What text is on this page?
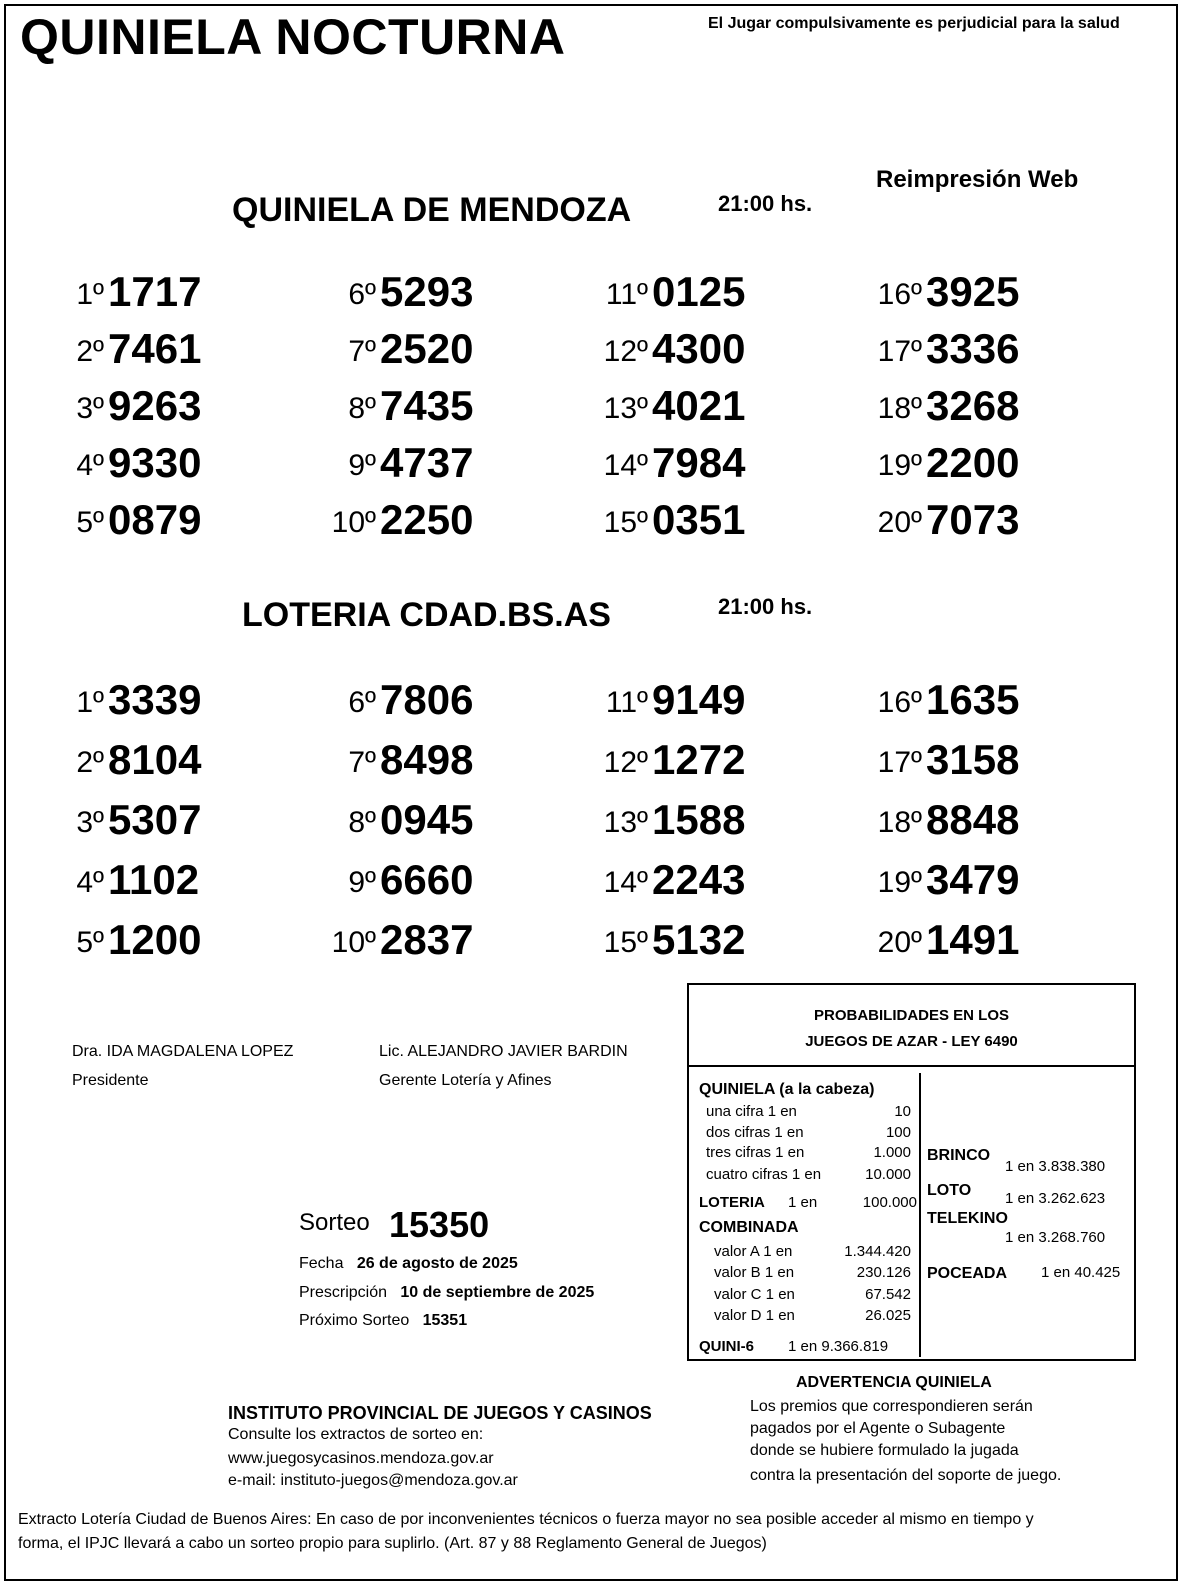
QUINIELA NOCTURNA	El Jugar compulsivamente es perjudicial para la salud
Reimpresión Web
QUINIELA DE MENDOZA	21:00 hs.
1º 1717
2º 7461
3º 9263
4º 9330
5º 0879
6º 5293
7º 2520
8º 7435
9º 4737
10º 2250
11º 0125
12º 4300
13º 4021
14º 7984
15º 0351
16º 3925
17º 3336
18º 3268
19º 2200
20º 7073
LOTERIA CDAD.BS.AS	21:00 hs.
1º 3339
2º 8104
3º 5307
4º 1102
5º 1200
6º 7806
7º 8498
8º 0945
9º 6660
10º 2837
11º 9149
12º 1272
13º 1588
14º 2243
15º 5132
16º 1635
17º 3158
18º 8848
19º 3479
20º 1491
Dra. IDA MAGDALENA LOPEZ
Presidente
Lic. ALEJANDRO JAVIER BARDIN
Gerente Lotería y Afines
Sorteo 15350
Fecha 26 de agosto de 2025
Prescripción 10 de septiembre de 2025
Próximo Sorteo 15351
PROBABILIDADES EN LOS
JUEGOS DE AZAR - LEY 6490
QUINIELA (a la cabeza)
una cifra 1 en	10
dos cifras 1 en	100
tres cifras 1 en	1.000
cuatro cifras 1 en	10.000
LOTERIA 1 en	100.000
COMBINADA
valor A 1 en	1.344.420
valor B 1 en	230.126
valor C 1 en	67.542
valor D 1 en	26.025
QUINI-6 1 en 9.366.819
BRINCO
1 en 3.838.380
LOTO 1 en 3.262.623
TELEKINO
1 en 3.268.760
POCEADA 1 en 40.425
ADVERTENCIA QUINIELA
Los premios que correspondieren serán
pagados por el Agente o Subagente
donde se hubiere formulado la jugada
contra la presentación del soporte de juego.
INSTITUTO PROVINCIAL DE JUEGOS Y CASINOS
Consulte los extractos de sorteo en:
www.juegosycasinos.mendoza.gov.ar
e-mail: instituto-juegos@mendoza.gov.ar
Extracto Lotería Ciudad de Buenos Aires: En caso de por inconvenientes técnicos o fuerza mayor no sea posible acceder al mismo en tiempo y
forma, el IPJC llevará a cabo un sorteo propio para suplirlo. (Art. 87 y 88 Reglamento General de Juegos)
